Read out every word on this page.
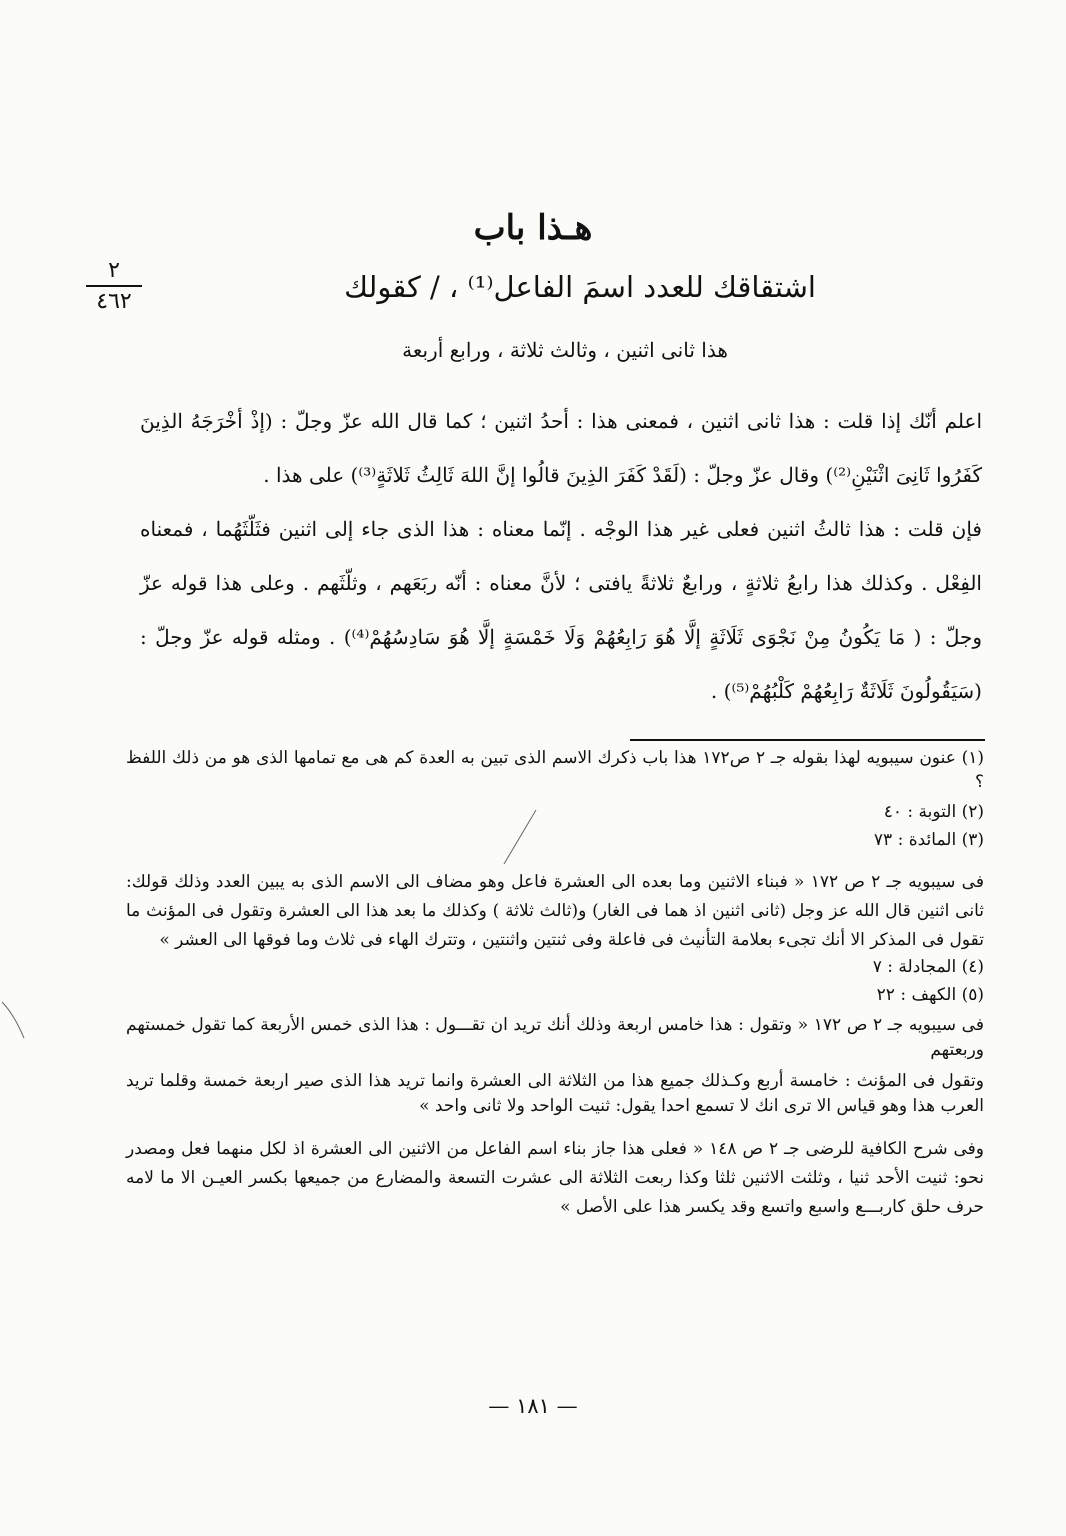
٢
٤٦٢
هـذا باب
اشتقاقك للعدد اسمَ الفاعل⁽¹⁾ ، / كقولك
هذا ثانى اثنين ، وثالث ثلاثة ، ورابع أربعة

اعلم أنّك إذا قلت : هذا ثانى اثنين ، فمعنى هذا : أحدُ اثنين ؛ كما قال الله عزّ وجلّ : (إذْ أخْرَجَهُ الذِينَ كَفَرُوا ثَانِىَ اثْنَيْنِ⁽²⁾) وقال عزّ وجلّ : (لَقَدْ كَفَرَ الذِينَ قالُوا إنَّ اللهَ ثَالِثُ ثَلاثَةٍ⁽³⁾) على هذا .

فإن قلت : هذا ثالثُ اثنين فعلى غير هذا الوجْه . إنّما معناه : هذا الذى جاء إلى اثنين فثَلّثَهُما ، فمعناه الفِعْل . وكذلك هذا رابعُ ثلاثةٍ ، ورابعٌ ثلاثةً يافتى ؛ لأنَّ معناه : أنّه ربَعَهم ، وثلّثَهم . وعلى هذا قوله عزّ وجلّ : ( مَا يَكُونُ مِنْ نَجْوَى ثَلَاثَةٍ إلَّا هُوَ رَابِعُهُمْ وَلَا خَمْسَةٍ إلَّا هُوَ سَادِسُهُمْ⁽⁴⁾) . ومثله قوله عزّ وجلّ : (سَيَقُولُونَ ثَلَاثَةٌ رَابِعُهُمْ كَلْبُهُمْ⁽⁵⁾) .

(١) عنون سيبويه لهذا بقوله جـ ٢ ص١٧٢ هذا باب ذكرك الاسم الذى تبين به العدة كم هى مع تمامها الذى هو من ذلك اللفظ ؟
(٢) التوبة : ٤٠
(٣) المائدة : ٧٣
فى سيبويه جـ ٢ ص ١٧٢ « فبناء الاثنين وما بعده الى العشرة فاعل وهو مضاف الى الاسم الذى به يبين العدد وذلك قولك: ثانى اثنين قال الله عز وجل (ثانى اثنين اذ هما فى الغار) و(ثالث ثلاثة ) وكذلك ما بعد هذا الى العشرة وتقول فى المؤنث ما تقول فى المذكر الا أنك تجىء بعلامة التأنيث فى فاعلة وفى ثنتين واثنتين ، وتترك الهاء فى ثلاث وما فوقها الى العشر »
(٤) المجادلة : ٧
(٥) الكهف : ٢٢
فى سيبويه جـ ٢ ص ١٧٢ « وتقول : هذا خامس اربعة وذلك أنك تريد ان تقـــول : هذا الذى خمس الأربعة كما تقول خمستهم وربعتهم
وتقول فى المؤنث : خامسة أربع وكـذلك جميع هذا من الثلاثة الى العشرة وانما تريد هذا الذى صير اربعة خمسة وقلما تريد العرب هذا وهو قياس الا ترى انك لا تسمع احدا يقول: ثنيت الواحد ولا ثانى واحد »
وفى شرح الكافية للرضى جـ ٢ ص ١٤٨ « فعلى هذا جاز بناء اسم الفاعل من الاثنين الى العشرة اذ لكل منهما فعل ومصدر نحو: ثنيت الأحد ثنيا ، وثلثت الاثنين ثلثا وكذا ربعت الثلاثة الى عشرت التسعة والمضارع من جميعها بكسر العيـن الا ما لامه حرف حلق كاربـــع واسبع واتسع وقد يكسر هذا على الأصل »
— ١٨١ —
